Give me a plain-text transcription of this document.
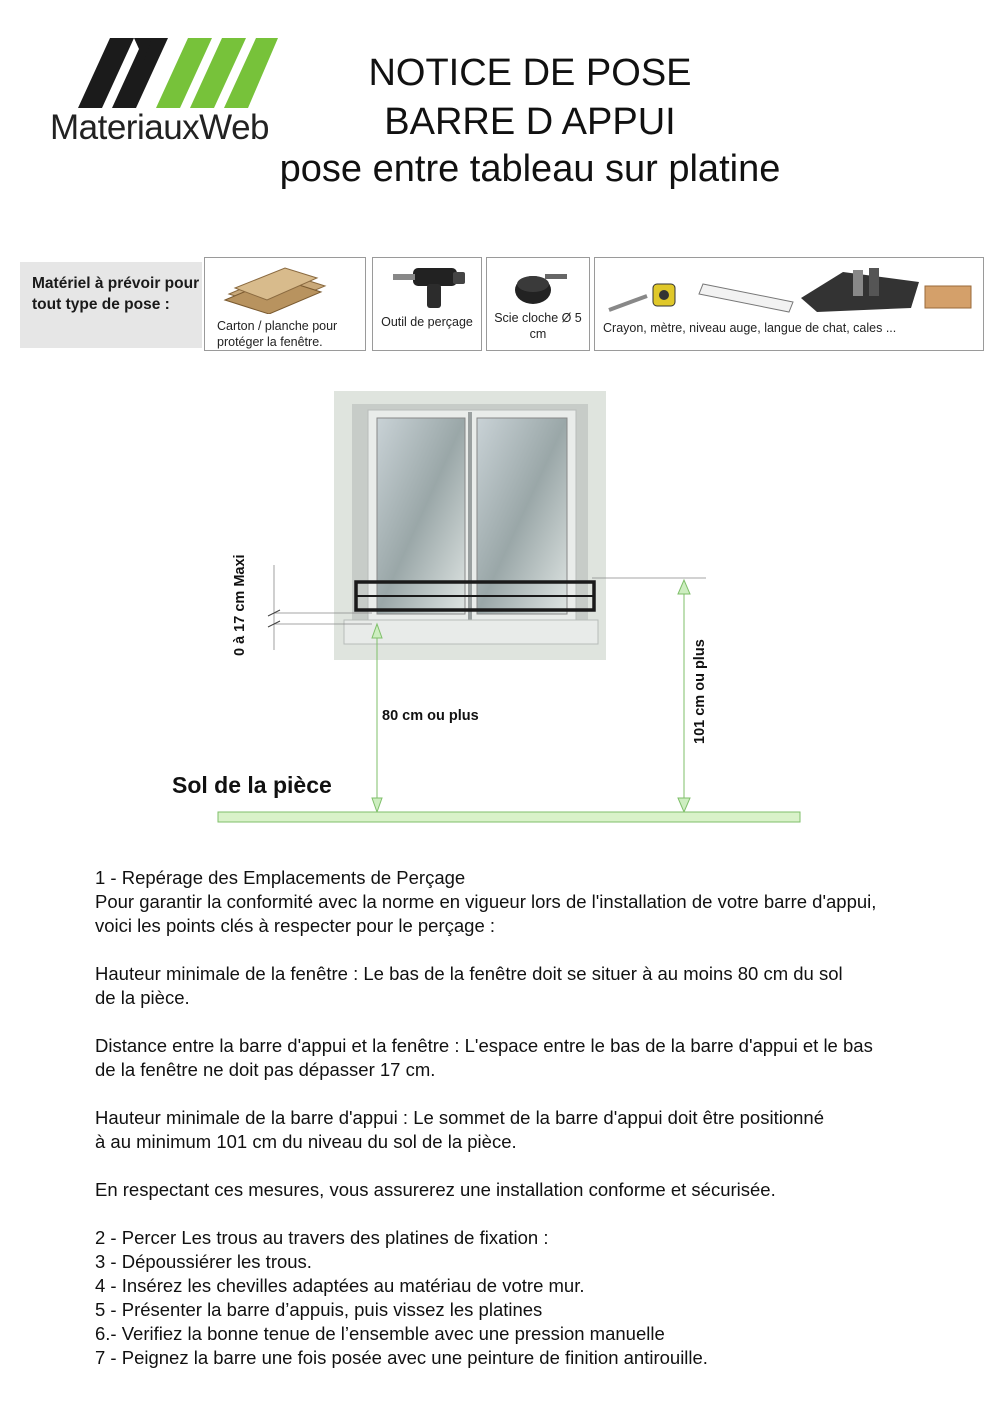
MateriauxWeb
NOTICE DE POSE
BARRE D APPUI
pose entre tableau sur platine
Matériel à prévoir pour tout type de pose :
Carton / planche pour protéger la fenêtre.
Outil de perçage	Scie cloche Ø 5 cm	Crayon, mètre, niveau auge, langue de chat, cales ...
0 à 17 cm Maxi
80 cm ou plus	101 cm ou plus
Sol de la pièce

1 - Repérage des Emplacements de Perçage

Pour garantir la conformité avec la norme en vigueur lors de l'installation de votre barre d'appui,

voici les points clés à respecter pour le perçage :

Hauteur minimale de la fenêtre : Le bas de la fenêtre doit se situer à au moins 80 cm du sol

de la pièce.

Distance entre la barre d'appui et la fenêtre : L'espace entre le bas de la barre d'appui et le bas

de la fenêtre ne doit pas dépasser 17 cm.

Hauteur minimale de la barre d'appui : Le sommet de la barre d'appui doit être positionné

à au minimum 101 cm du niveau du sol de la pièce.

En respectant ces mesures, vous assurerez une installation conforme et sécurisée.

2 - Percer Les trous au travers des platines de fixation :

3 - Dépoussiérer les trous.

4 - Insérez les chevilles adaptées au matériau de votre mur.

5 - Présenter la barre d’appuis, puis vissez les platines

6.- Verifiez la bonne tenue de l’ensemble avec une pression manuelle

7 - Peignez la barre une fois posée avec une peinture de finition antirouille.
